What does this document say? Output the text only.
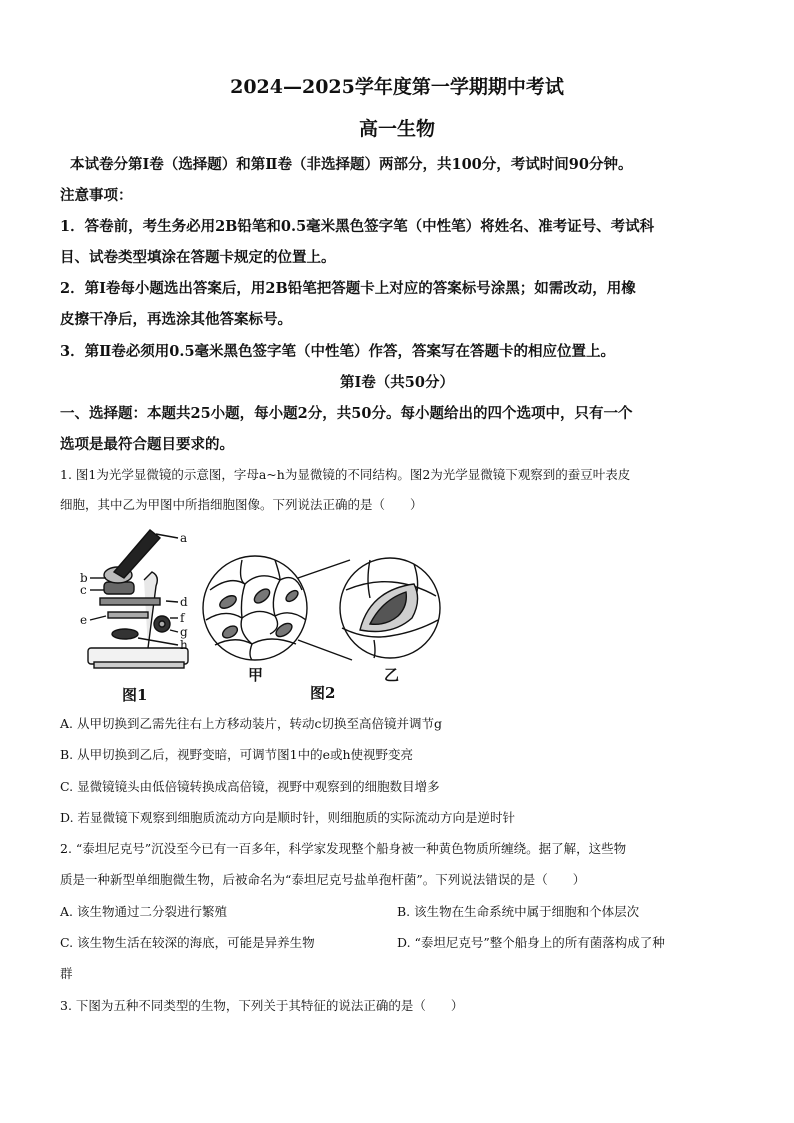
2024—2025学年度第一学期期中考试
高一生物
本试卷分第Ⅰ卷（选择题）和第Ⅱ卷（非选择题）两部分，共100分，考试时间90分钟。
注意事项：
1．答卷前，考生务必用2B铅笔和0.5毫米黑色签字笔（中性笔）将姓名、准考证号、考试科
目、试卷类型填涂在答题卡规定的位置上。
2．第Ⅰ卷每小题选出答案后，用2B铅笔把答题卡上对应的答案标号涂黑；如需改动，用橡
皮擦干净后，再选涂其他答案标号。
3．第Ⅱ卷必须用0.5毫米黑色签字笔（中性笔）作答，答案写在答题卡的相应位置上。
第Ⅰ卷（共50分）
一、选择题：本题共25小题，每小题2分，共50分。每小题给出的四个选项中，只有一个
选项是最符合题目要求的。
1. 图1为光学显微镜的示意图，字母a~h为显微镜的不同结构。图2为光学显微镜下观察到的蚕豆叶表皮
细胞，其中乙为甲图中所指细胞图像。下列说法正确的是（　　）
a
b
c
d
e	f
g
h
图1
甲	乙
图2
A. 从甲切换到乙需先往右上方移动装片，转动c切换至高倍镜并调节g
B. 从甲切换到乙后，视野变暗，可调节图1中的e或h使视野变亮
C. 显微镜镜头由低倍镜转换成高倍镜，视野中观察到的细胞数目增多
D. 若显微镜下观察到细胞质流动方向是顺时针，则细胞质的实际流动方向是逆时针
2. “泰坦尼克号”沉没至今已有一百多年，科学家发现整个船身被一种黄色物质所缠绕。据了解，这些物
质是一种新型单细胞微生物，后被命名为“泰坦尼克号盐单孢杆菌”。下列说法错误的是（　　）
A. 该生物通过二分裂进行繁殖	B. 该生物在生命系统中属于细胞和个体层次
C. 该生物生活在较深的海底，可能是异养生物	D. “泰坦尼克号”整个船身上的所有菌落构成了种
群
3. 下图为五种不同类型的生物，下列关于其特征的说法正确的是（　　）
